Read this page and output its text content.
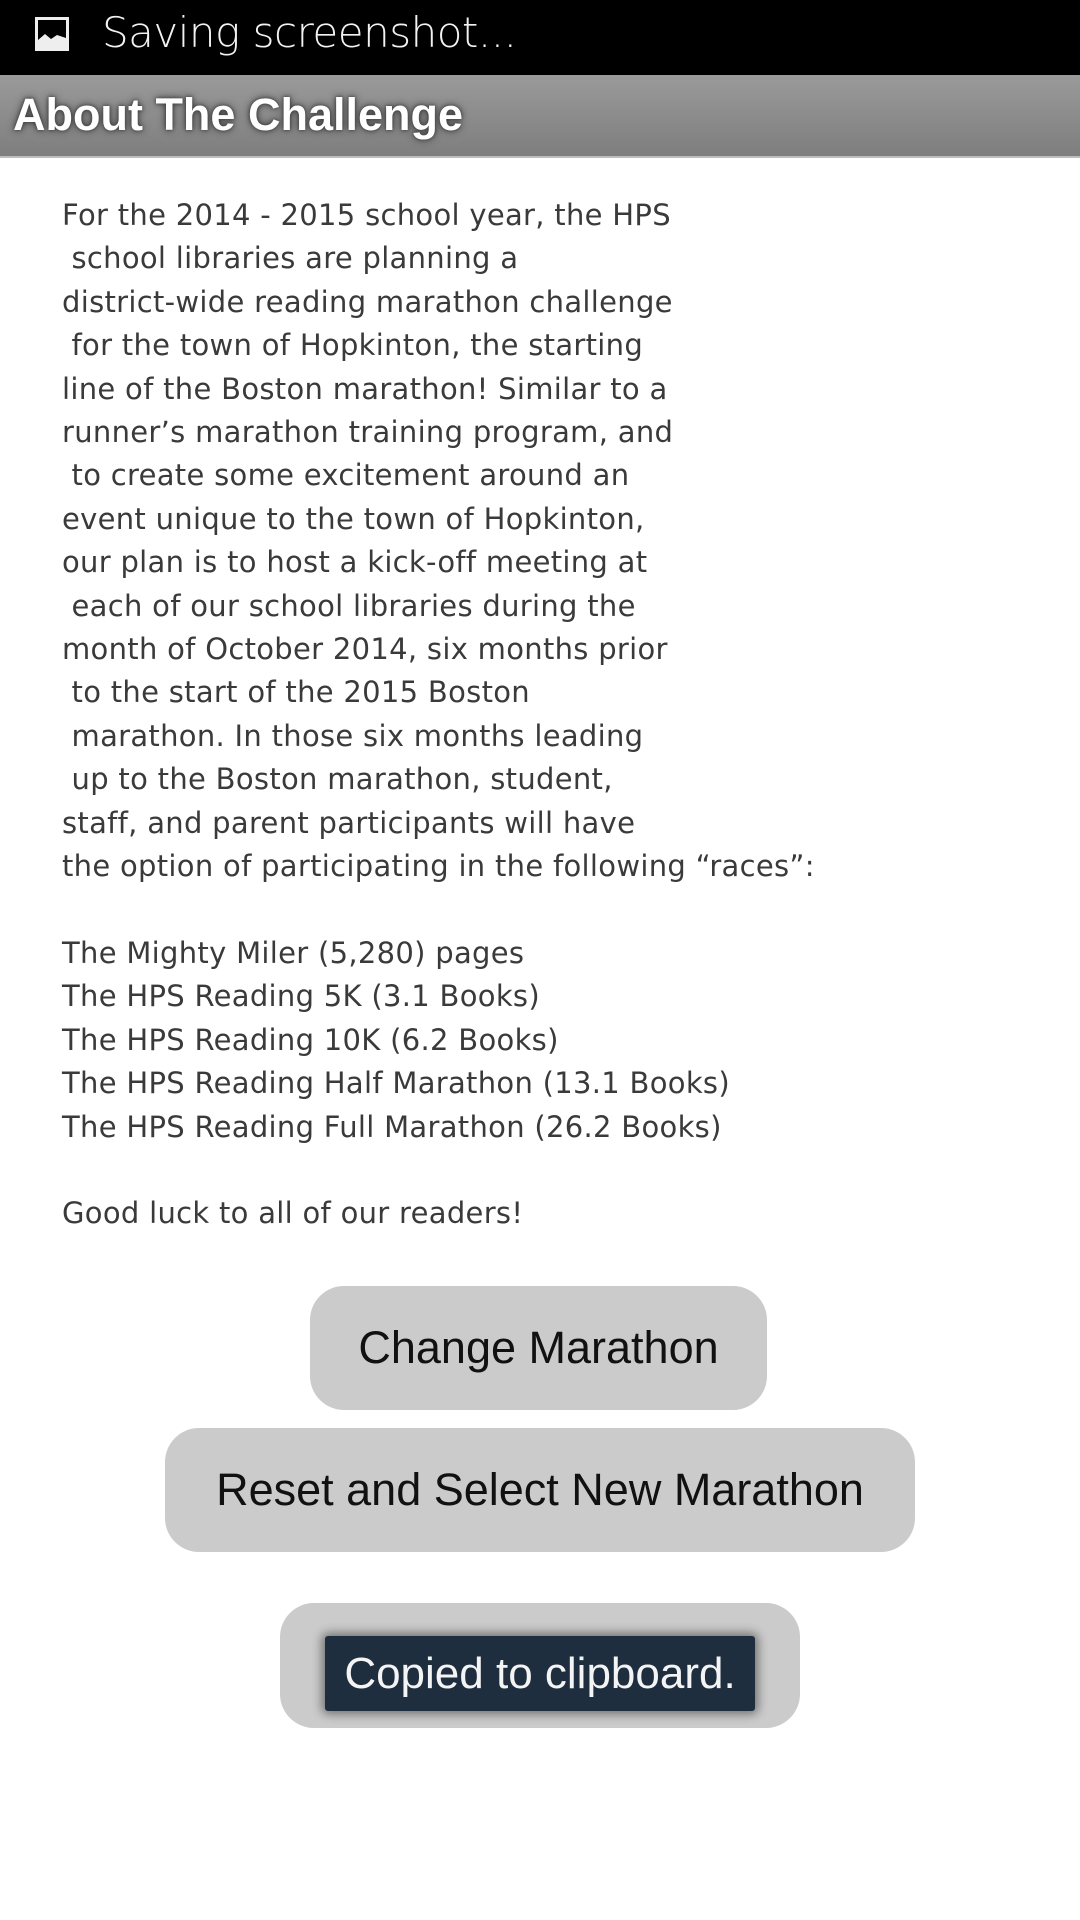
Saving screenshot...
About The Challenge
For the 2014 - 2015 school year, the HPS
school libraries are planning a
district-wide reading marathon challenge
for the town of Hopkinton, the starting
line of the Boston marathon! Similar to a
runner’s marathon training program, and
to create some excitement around an
event unique to the town of Hopkinton,
our plan is to host a kick-off meeting at
each of our school libraries during the
month of October 2014, six months prior
to the start of the 2015 Boston
marathon. In those six months leading
up to the Boston marathon, student,
staff, and parent participants will have
the option of participating in the following “races”:

The Mighty Miler (5,280) pages
The HPS Reading 5K (3.1 Books)
The HPS Reading 10K (6.2 Books)
The HPS Reading Half Marathon (13.1 Books)
The HPS Reading Full Marathon (26.2 Books)

Good luck to all of our readers!
Change Marathon
Reset and Select New Marathon
Copied to clipboard.
